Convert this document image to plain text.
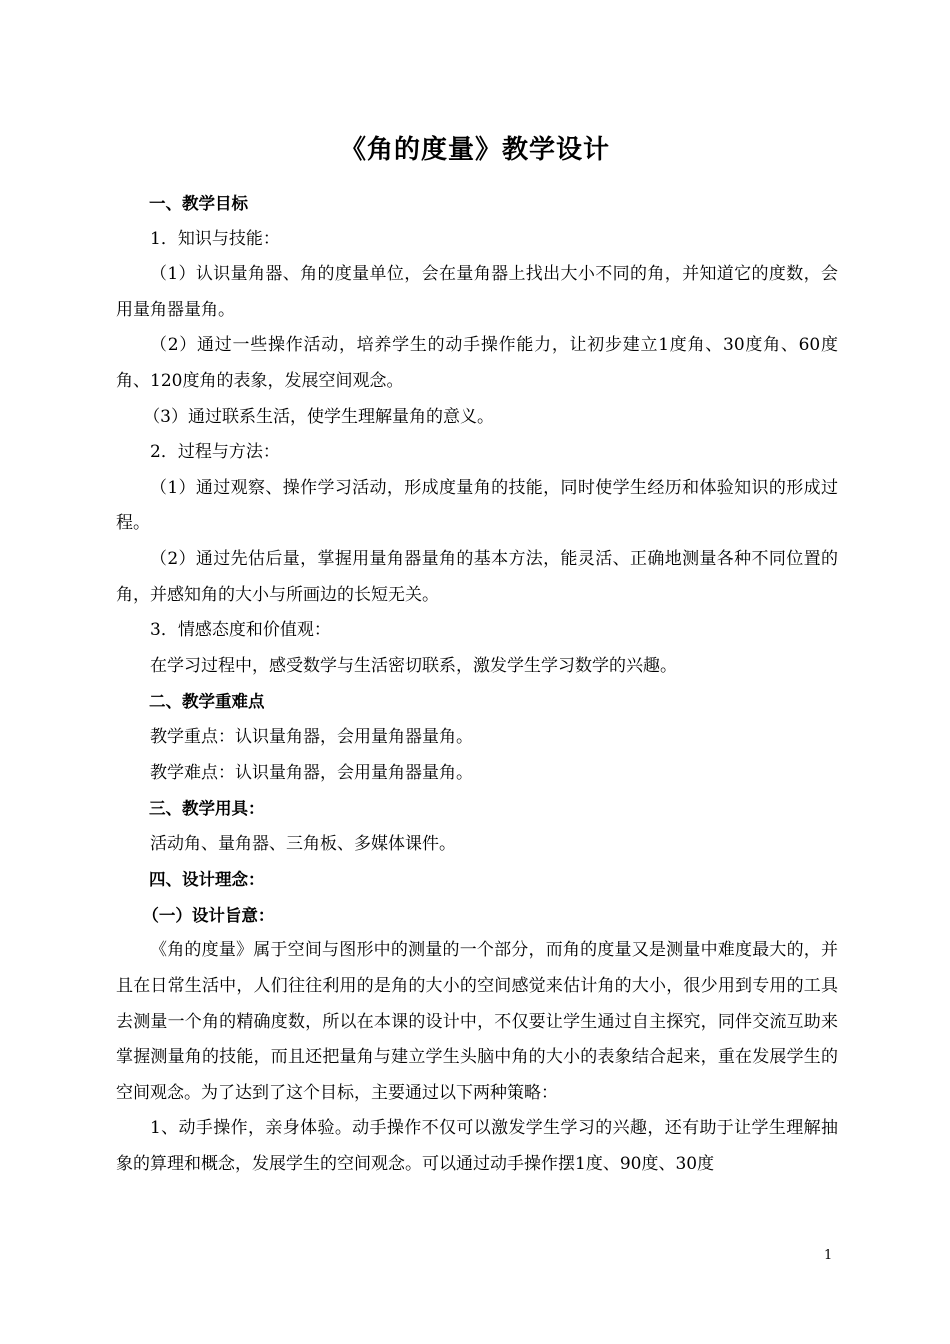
《角的度量》教学设计

一、教学目标

1．知识与技能：

（1）认识量角器、角的度量单位，会在量角器上找出大小不同的角，并知道它的度数，会用量角器量角。

（2）通过一些操作活动，培养学生的动手操作能力，让初步建立1度角、30度角、60度角、120度角的表象，发展空间观念。

（3）通过联系生活，使学生理解量角的意义。

2．过程与方法：

（1）通过观察、操作学习活动，形成度量角的技能，同时使学生经历和体验知识的形成过程。

（2）通过先估后量，掌握用量角器量角的基本方法，能灵活、正确地测量各种不同位置的角，并感知角的大小与所画边的长短无关。

3．情感态度和价值观：

在学习过程中，感受数学与生活密切联系，激发学生学习数学的兴趣。

二、教学重难点

教学重点：认识量角器，会用量角器量角。

教学难点：认识量角器，会用量角器量角。

三、教学用具：

活动角、量角器、三角板、多媒体课件。

四、设计理念：

（一）设计旨意：

《角的度量》属于空间与图形中的测量的一个部分，而角的度量又是测量中难度最大的，并且在日常生活中，人们往往利用的是角的大小的空间感觉来估计角的大小，很少用到专用的工具去测量一个角的精确度数，所以在本课的设计中，不仅要让学生通过自主探究，同伴交流互助来掌握测量角的技能，而且还把量角与建立学生头脑中角的大小的表象结合起来，重在发展学生的空间观念。为了达到了这个目标，主要通过以下两种策略：

1、动手操作，亲身体验。动手操作不仅可以激发学生学习的兴趣，还有助于让学生理解抽象的算理和概念，发展学生的空间观念。可以通过动手操作摆1度、90度、30度

1
